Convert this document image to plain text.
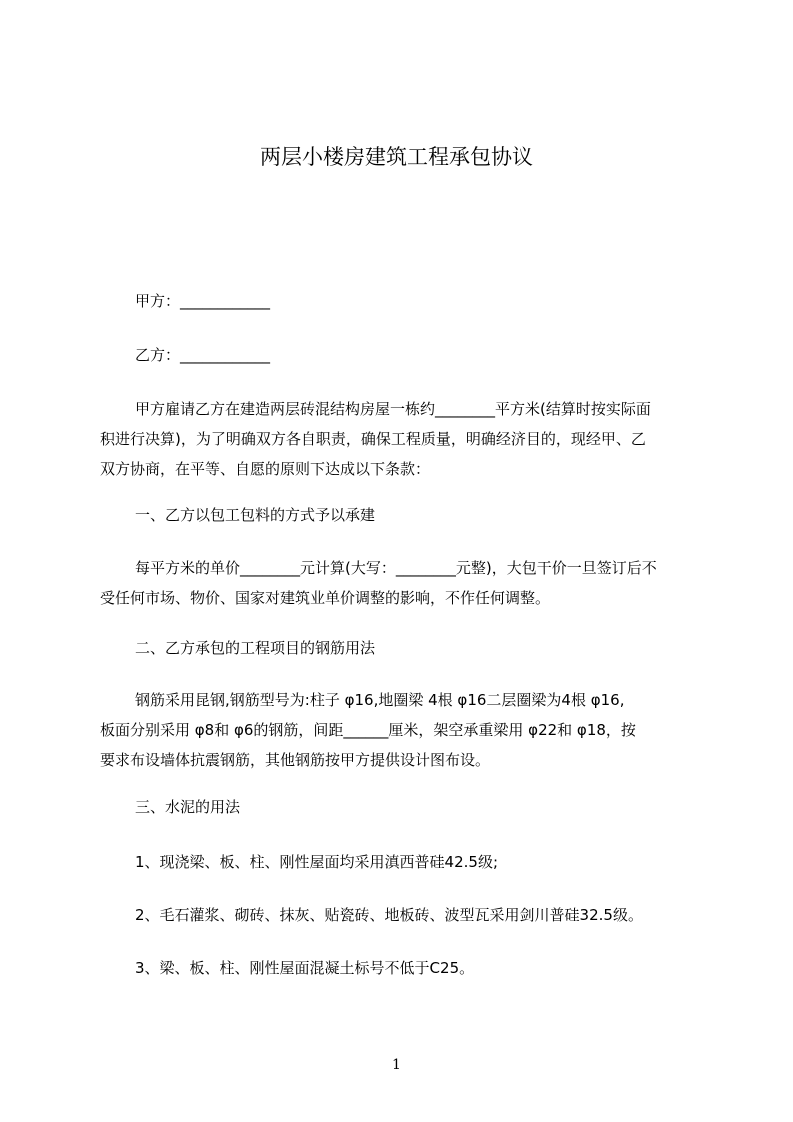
两层小楼房建筑工程承包协议

甲方：____________

乙方：____________

甲方雇请乙方在建造两层砖混结构房屋一栋约________平方米(结算时按实际面
积进行决算)，为了明确双方各自职责，确保工程质量，明确经济目的，现经甲、乙
双方协商，在平等、自愿的原则下达成以下条款：

一、乙方以包工包料的方式予以承建

每平方米的单价________元计算(大写：________元整)，大包干价一旦签订后不
受任何市场、物价、国家对建筑业单价调整的影响，不作任何调整。

二、乙方承包的工程项目的钢筋用法

钢筋采用昆钢,钢筋型号为:柱子 φ16,地圈梁 4根 φ16二层圈梁为4根 φ16,
板面分别采用 φ8和 φ6的钢筋，间距______厘米，架空承重梁用 φ22和 φ18，按
要求布设墙体抗震钢筋，其他钢筋按甲方提供设计图布设。

三、水泥的用法

1、现浇梁、板、柱、刚性屋面均采用滇西普硅42.5级;

2、毛石灌浆、砌砖、抹灰、贴瓷砖、地板砖、波型瓦采用剑川普硅32.5级。

3、梁、板、柱、刚性屋面混凝土标号不低于C25。

1
